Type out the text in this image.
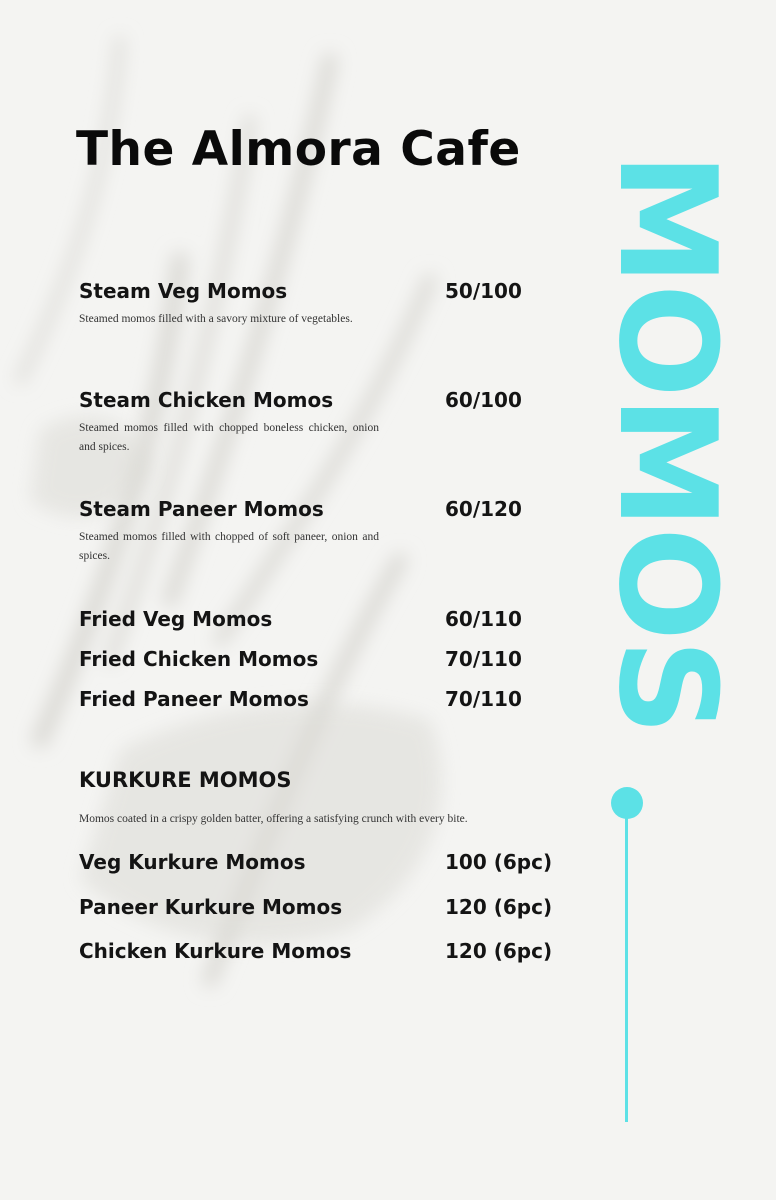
The Almora Cafe
Steam Veg Momos	50/100
Steamed momos filled with a savory mixture of vegetables.
Steam Chicken Momos	60/100
Steamed momos filled with chopped boneless chicken, onion and spices.
Steam Paneer Momos	60/120
Steamed momos filled with chopped of soft paneer, onion and spices.
Fried Veg Momos	60/110
Fried Chicken Momos	70/110
Fried Paneer Momos	70/110
KURKURE MOMOS
Momos coated in a crispy golden batter, offering a satisfying crunch with every bite.
Veg Kurkure Momos	100 (6pc)
Paneer Kurkure Momos	120 (6pc)
Chicken Kurkure Momos	120 (6pc)
MOMOS
